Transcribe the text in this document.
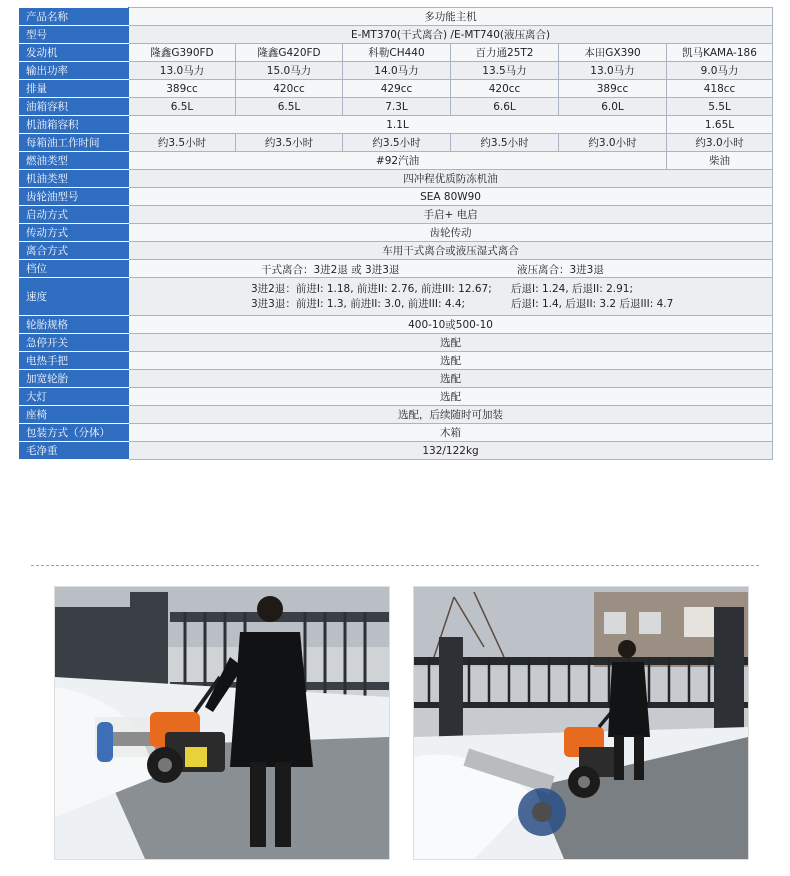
产品名称	多功能主机					
型号	E-MT370(干式离合) /E-MT740(液压离合)					
发动机	隆鑫G390FD	隆鑫G420FD	科勒CH440	百力通25T2	本田GX390	凯马KAMA-186
输出功率	13.0马力	15.0马力	14.0马力	13.5马力	13.0马力	9.0马力
排量	389cc	420cc	429cc	420cc	389cc	418cc
油箱容积	6.5L	6.5L	7.3L	6.6L	6.0L	5.5L
机油箱容积	1.1L					1.65L
每箱油工作时间	约3.5小时	约3.5小时	约3.5小时	约3.5小时	约3.0小时	约3.0小时
燃油类型	#92汽油					柴油
机油类型	四冲程优质防冻机油					
齿轮油型号	SEA 80W90					
启动方式	手启+ 电启					
传动方式	齿轮传动					
离合方式	车用干式离合或液压湿式离合					
档位	干式离合：3进2退 或 3进3退 液压离合：3进3退					

速度	3进2退：前进I: 1.18, 前进II: 2.76, 前进III: 12.67; 后退I: 1.24, 后退II: 2.91;
3进3退：前进I: 1.3, 前进II: 3.0, 前进III: 4.4; 后退I: 1.4, 后退II: 3.2 后退III: 4.7					

轮胎规格	400-10或500-10					
急停开关	选配					
电热手把	选配					
加宽轮胎	选配					
大灯	选配					
座椅	选配，后续随时可加装					
包装方式（分体）	木箱					
毛净重	132/122kg					
